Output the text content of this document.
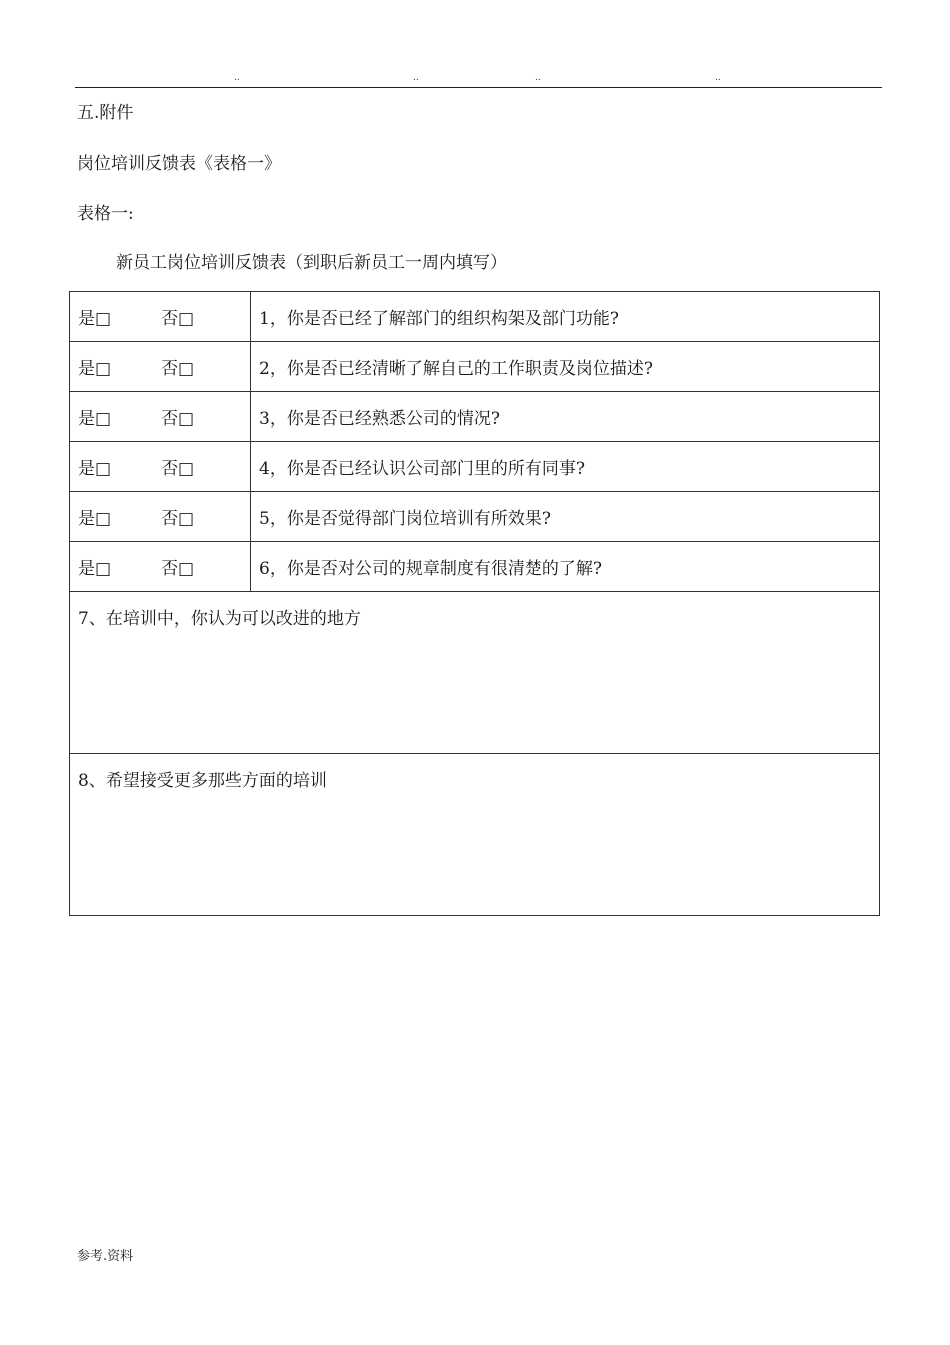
..	..	..	..
五.附件
岗位培训反馈表《表格一》
表格一:
新员工岗位培训反馈表（到职后新员工一周内填写）
是□ 否□	1，你是否已经了解部门的组织构架及部门功能?
是□ 否□	2，你是否已经清晰了解自己的工作职责及岗位描述?
是□ 否□	3，你是否已经熟悉公司的情况?
是□ 否□	4，你是否已经认识公司部门里的所有同事?
是□ 否□	5，你是否觉得部门岗位培训有所效果?
是□ 否□	6，你是否对公司的规章制度有很清楚的了解?
7、在培训中，你认为可以改进的地方	
8、希望接受更多那些方面的培训	
参考.资料
